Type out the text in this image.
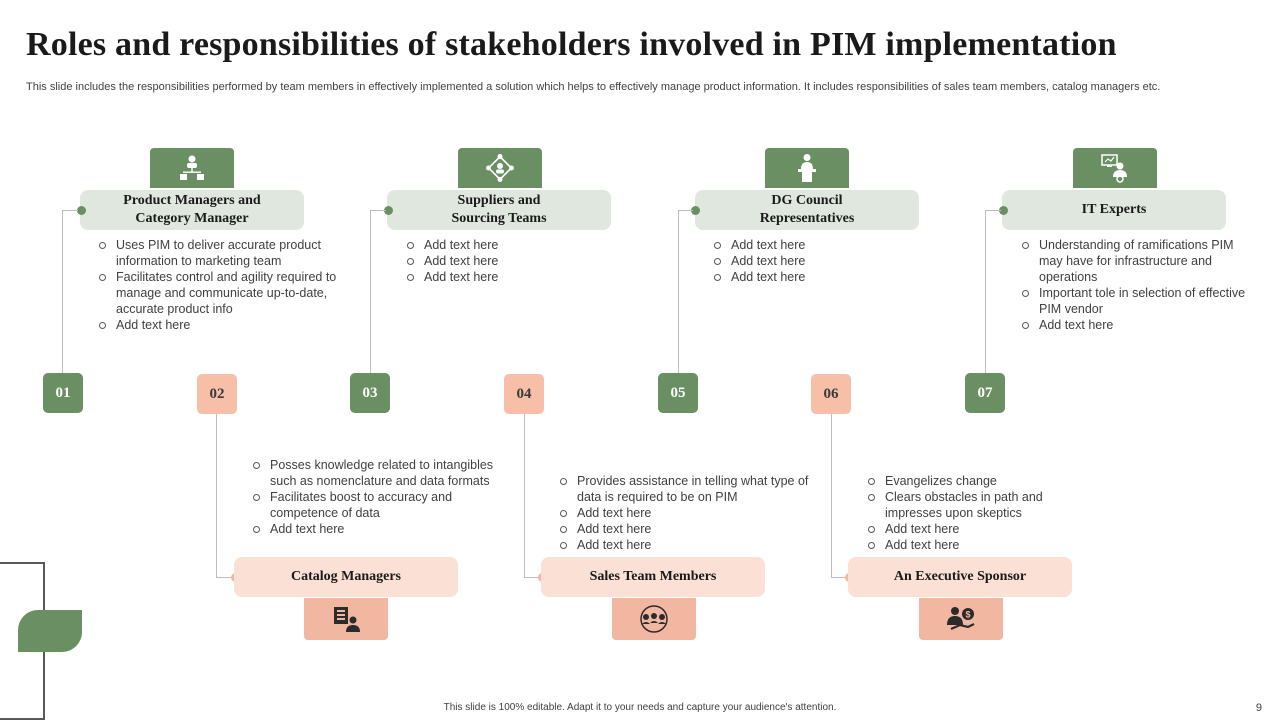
Roles and responsibilities of stakeholders involved in PIM implementation
This slide includes the responsibilities performed by team members in effectively implemented a solution which helps to effectively manage product information. It includes responsibilities of sales team members, catalog managers etc.
Product Managers and
Category Manager
01
Uses PIM to deliver accurate product information to marketing team
Facilitates control and agility required to manage and communicate up-to-date, accurate product info
Add text here
Suppliers and
Sourcing Teams
03
Add text here
Add text here
Add text here
DG Council
Representatives
05
Add text here
Add text here
Add text here
IT Experts
07
Understanding of ramifications PIM may have for infrastructure and operations
Important tole in selection of effective PIM vendor
Add text here
02
Posses knowledge related to intangibles such as nomenclature and data formats
Facilitates boost to accuracy and competence of data
Add text here
Catalog Managers
04
Provides assistance in telling what type of data is required to be on PIM
Add text here
Add text here
Add text here
Sales Team Members
06
Evangelizes change
Clears obstacles in path and impresses upon skeptics
Add text here
Add text here
An Executive Sponsor
$
This slide is 100% editable. Adapt it to your needs and capture your audience's attention.	9
